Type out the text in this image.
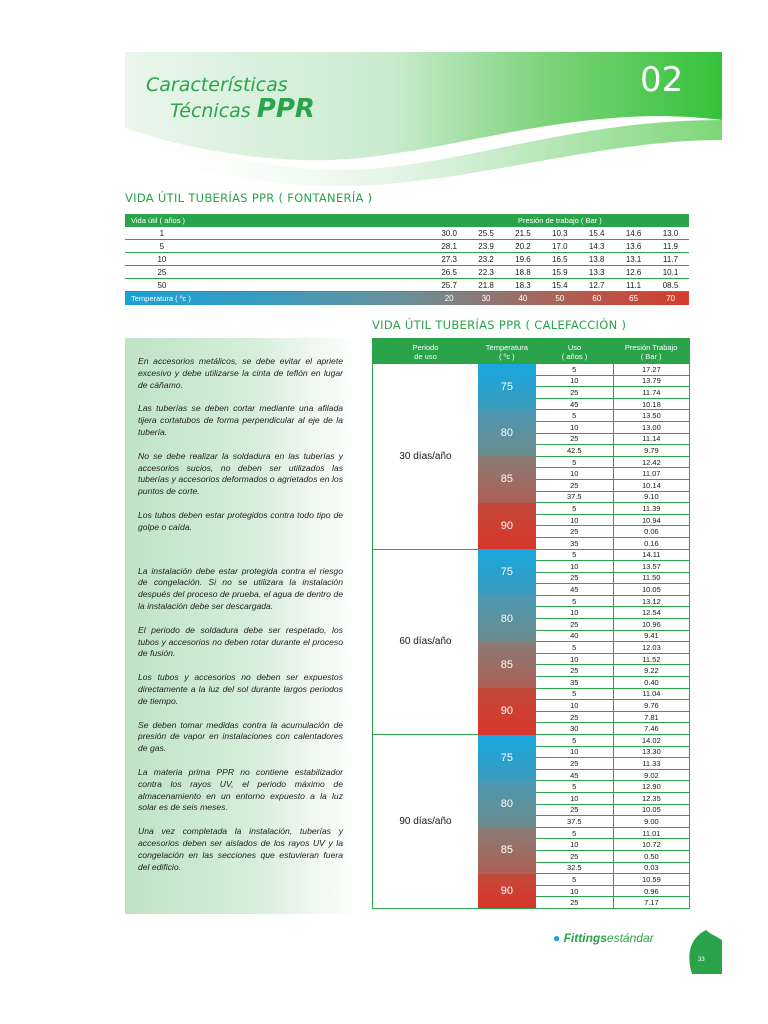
Características
Técnicas PPR
02
VIDA ÚTIL TUBERÍAS PPR ( FONTANERÍA )
Vida útil ( años )		Presión de trabajo ( Bar )						
1		30.0	25.5	21.5	10.3	15.4	14.6	13.0
5		28.1	23.9	20.2	17.0	14.3	13.6	11.9
10		27.3	23.2	19.6	16.5	13.8	13.1	11.7
25		26.5	22.3	18.8	15.9	13.3	12.6	10.1
50		25.7	21.8	18.3	15.4	12.7	11.1	08.5
Temperatura ( ºc )		20	30	40	50	60	65	70
VIDA ÚTIL TUBERÍAS PPR ( CALEFACCIÓN )

En accesorios metálicos, se debe evitar el apriete excesivo y debe utilizarse la cinta de teflón en lugar de cáñamo.

Las tuberías se deben cortar mediante una afilada tijera cortatubos de forma perpendicular al eje de la tubería.

No se debe realizar la soldadura en las tuberías y accesorios sucios, no deben ser utilizados las tuberías y accesorios deformados o agrietados en los puntos de corte.

Los tubos deben estar protegidos contra todo tipo de golpe o caída.

La instalación debe estar protegida contra el riesgo de congelación. Si no se utilizara la instalación después del proceso de prueba, el agua de dentro de la instalación debe ser descargada.

El periodo de soldadura debe ser respetado, los tubos y accesorios no deben rotar durante el proceso de fusión.

Los tubos y accesorios no deben ser expuestos directamente a la luz del sol durante largos periodos de tiempo.

Se deben tomar medidas contra la acumulación de presión de vapor en instalaciones con calentadores de gas.

La materia prima PPR no contiene estabilizador contra los rayos UV, el periodo máximo de almacenamiento en un entorno expuesto a la luz solar es de seis meses.

Una vez completada la instalación, tuberías y accesorios deben ser aislados de los rayos UV y la congelación en las secciones que estuvieran fuera del edificio.

Periodo
de uso	Temperatura
( ºc )	Uso
( años )	Presión Trabajo
( Bar )
30 días/año	75	5	17.27
		10	13.79
		25	11.74
		45	10.18
	80	5	13.50
		10	13.00
		25	11.14
		42.5	9.79
	85	5	12.42
		10	11.07
		25	10.14
		37.5	9.10
	90	5	11.39
		10	10.94
		25	0.06
		35	0.16
60 días/año	75	5	14.11
		10	13.57
		25	11.50
		45	10.05
	80	5	13.12
		10	12.54
		25	10.96
		40	9.41
	85	5	12.03
		10	11.52
		25	9.22
		35	0.40
	90	5	11.04
		10	9.76
		25	7.81
		30	7.46
90 días/año	75	5	14.02
		10	13.30
		25	11.33
		45	9.02
	80	5	12.90
		10	12.35
		25	10.05
		37.5	9.00
	85	5	11.01
		10	10.72
		25	0.50
		32.5	0.03
	90	5	10.59
		10	0.96
		25	7.17
● Fittingsestándar
33
